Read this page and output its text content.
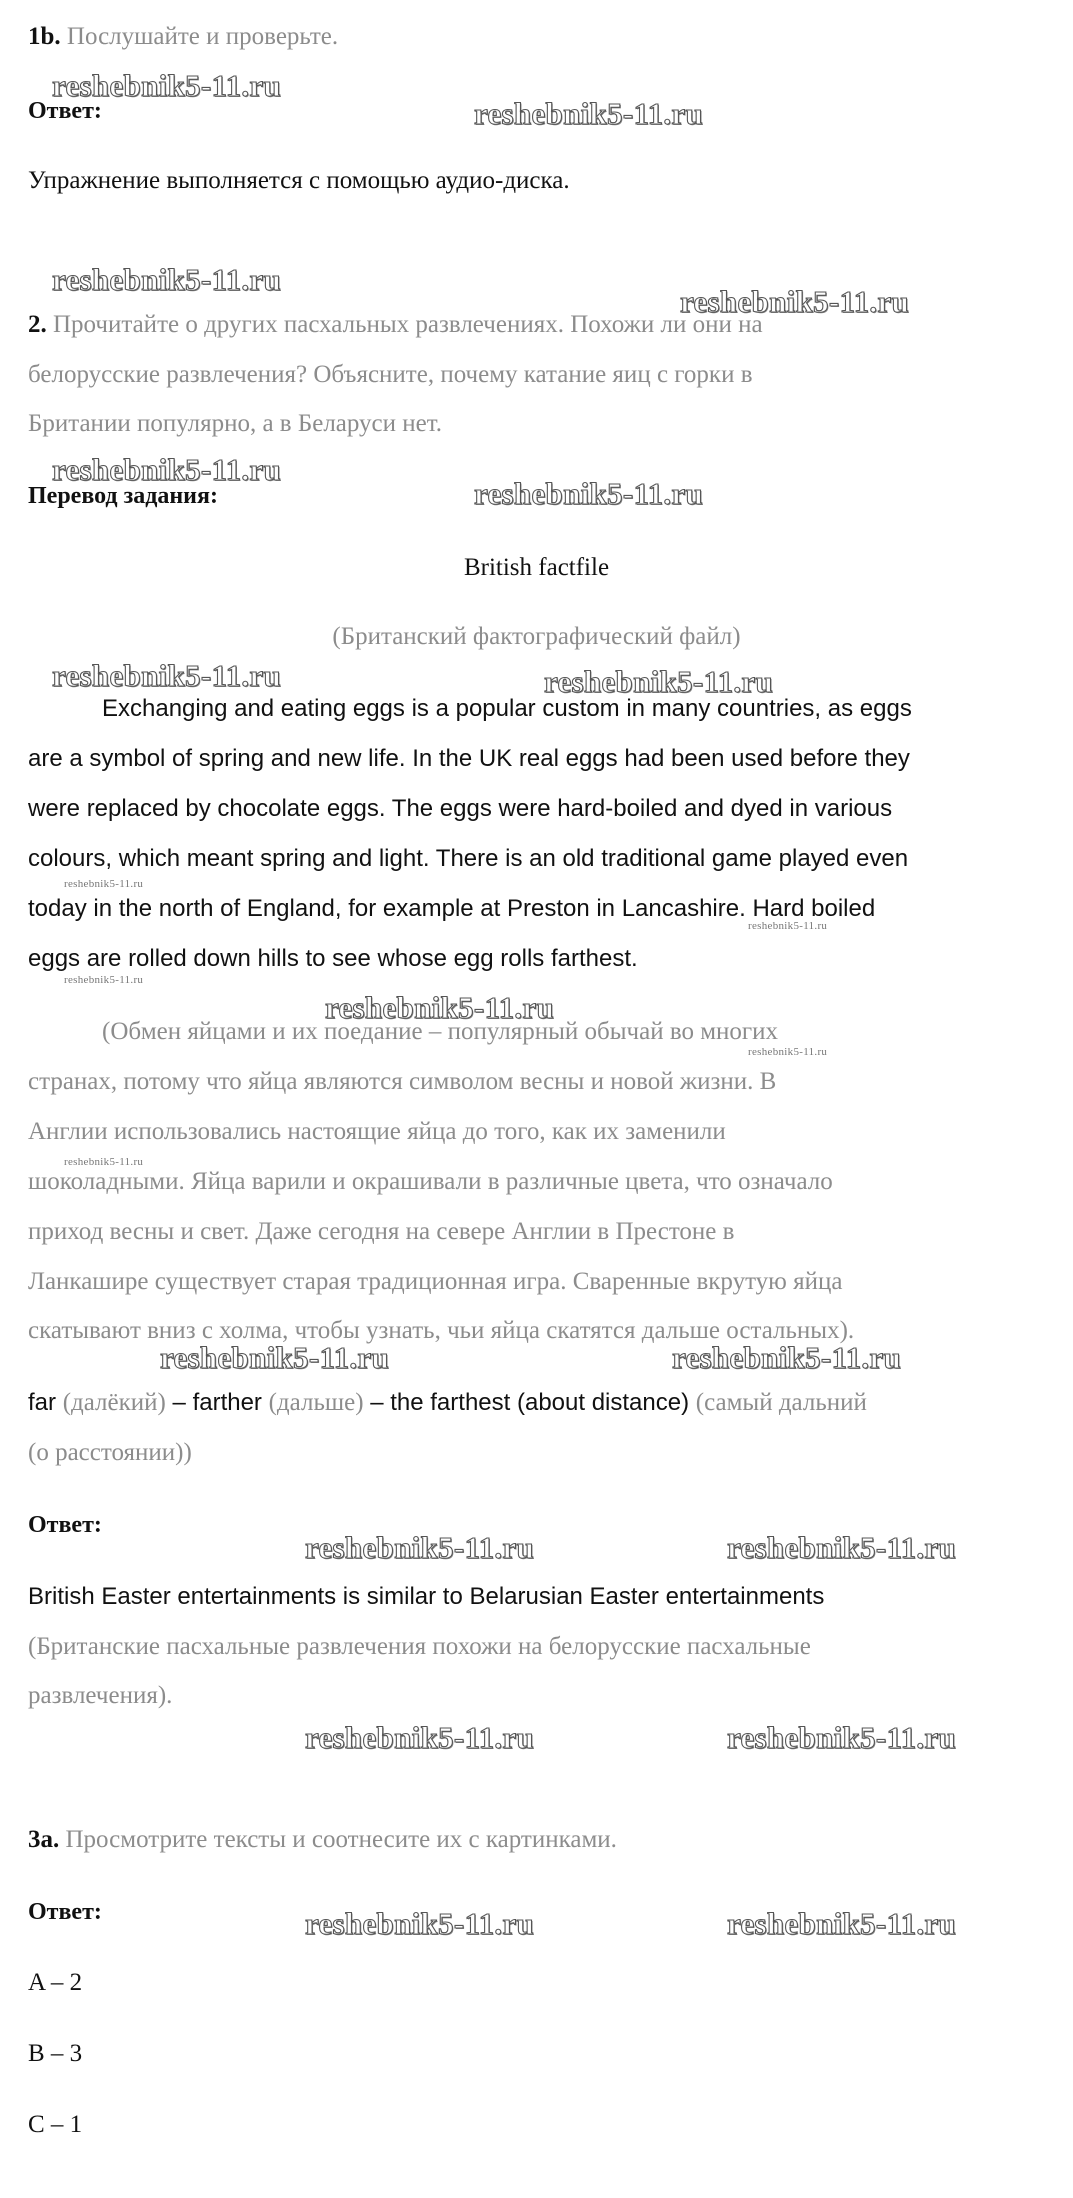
1b. Послушайте и проверьте.
Ответ:
Упражнение выполняется с помощью аудио-диска.
2. Прочитайте о других пасхальных развлечениях. Похожи ли они на
белорусские развлечения? Объясните, почему катание яиц с горки в
Британии популярно, а в Беларуси нет.
Перевод задания:
British factfile
(Британский фактографический файл)
Exchanging and eating eggs is a popular custom in many countries, as eggs
are a symbol of spring and new life. In the UK real eggs had been used before they
were replaced by chocolate eggs. The eggs were hard-boiled and dyed in various
colours, which meant spring and light. There is an old traditional game played even
today in the north of England, for example at Preston in Lancashire. Hard boiled
eggs are rolled down hills to see whose egg rolls farthest.
(Обмен яйцами и их поедание – популярный обычай во многих
странах, потому что яйца являются символом весны и новой жизни. В
Англии использовались настоящие яйца до того, как их заменили
шоколадными. Яйца варили и окрашивали в различные цвета, что означало
приход весны и свет. Даже сегодня на севере Англии в Престоне в
Ланкашире существует старая традиционная игра. Сваренные вкрутую яйца
скатывают вниз с холма, чтобы узнать, чьи яйца скатятся дальше остальных).
far (далёкий) – farther (дальше) – the farthest (about distance) (самый дальний
(о расстоянии))
Ответ:
British Easter entertainments is similar to Belarusian Easter entertainments
(Британские пасхальные развлечения похожи на белорусские пасхальные
развлечения).
3a. Просмотрите тексты и соотнесите их с картинками.
Ответ:
A – 2
B – 3
C – 1
reshebnik5-11.ru
reshebnik5-11.ru
reshebnik5-11.ru
reshebnik5-11.ru
reshebnik5-11.ru
reshebnik5-11.ru
reshebnik5-11.ru	reshebnik5-11.ru
reshebnik5-11.ru
reshebnik5-11.ru	reshebnik5-11.ru
reshebnik5-11.ru	reshebnik5-11.ru
reshebnik5-11.ru	reshebnik5-11.ru
reshebnik5-11.ru	reshebnik5-11.ru
reshebnik5-11.ru
reshebnik5-11.ru
reshebnik5-11.ru
reshebnik5-11.ru
reshebnik5-11.ru
